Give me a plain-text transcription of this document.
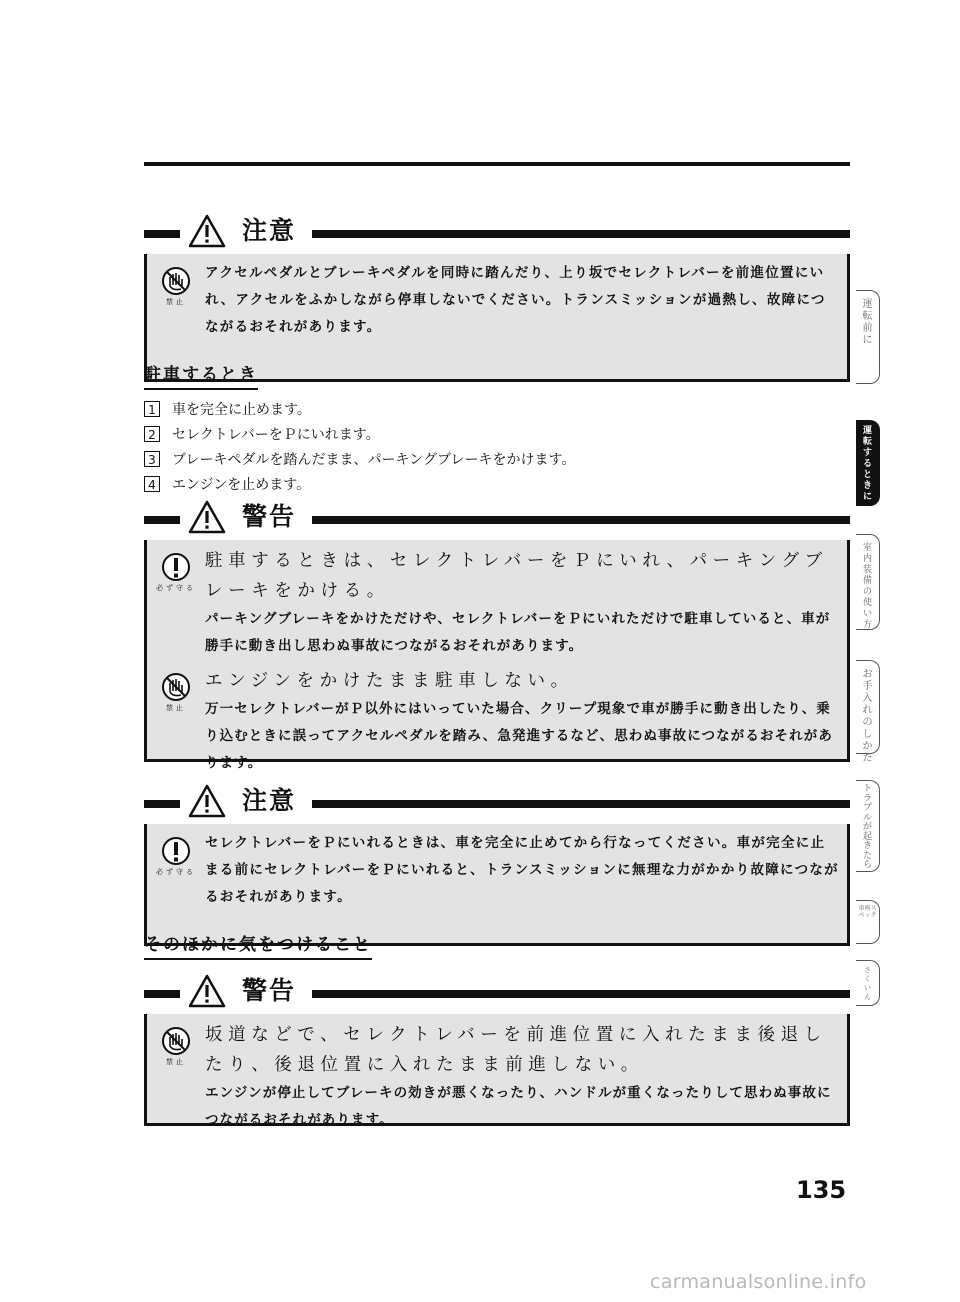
注意
禁止
アクセルペダルとブレーキペダルを同時に踏んだり、上り坂でセレクトレバーを前進位置にいれ、アクセルをふかしながら停車しないでください。トランスミッションが過熱し、故障につながるおそれがあります。
駐車するとき
1 車を完全に止めます。
2 セレクトレバーをＰにいれます。
3 ブレーキペダルを踏んだまま、パーキングブレーキをかけます。
4 エンジンを止めます。
警告
必ず守る
駐車するときは、セレクトレバーをＰにいれ、パーキングブレーキをかける。
パーキングブレーキをかけただけや、セレクトレバーをＰにいれただけで駐車していると、車が勝手に動き出し思わぬ事故につながるおそれがあります。
禁止
エンジンをかけたまま駐車しない。
万一セレクトレバーがＰ以外にはいっていた場合、クリープ現象で車が勝手に動き出したり、乗り込むときに誤ってアクセルペダルを踏み、急発進するなど、思わぬ事故につながるおそれがあります。
注意
必ず守る
セレクトレバーをＰにいれるときは、車を完全に止めてから行なってください。車が完全に止まる前にセレクトレバーをＰにいれると、トランスミッションに無理な力がかかり故障につながるおそれがあります。
そのほかに気をつけること
警告
禁止
坂道などで、セレクトレバーを前進位置に入れたまま後退したり、後退位置に入れたまま前進しない。
エンジンが停止してブレーキの効きが悪くなったり、ハンドルが重くなったりして思わぬ事故につながるおそれがあります。
運転前に
運転するときに
室内装備の使い方
お手入れのしかた
トラブルが起きたら
車両スペック
さくいん
135
carmanualsonline.info
